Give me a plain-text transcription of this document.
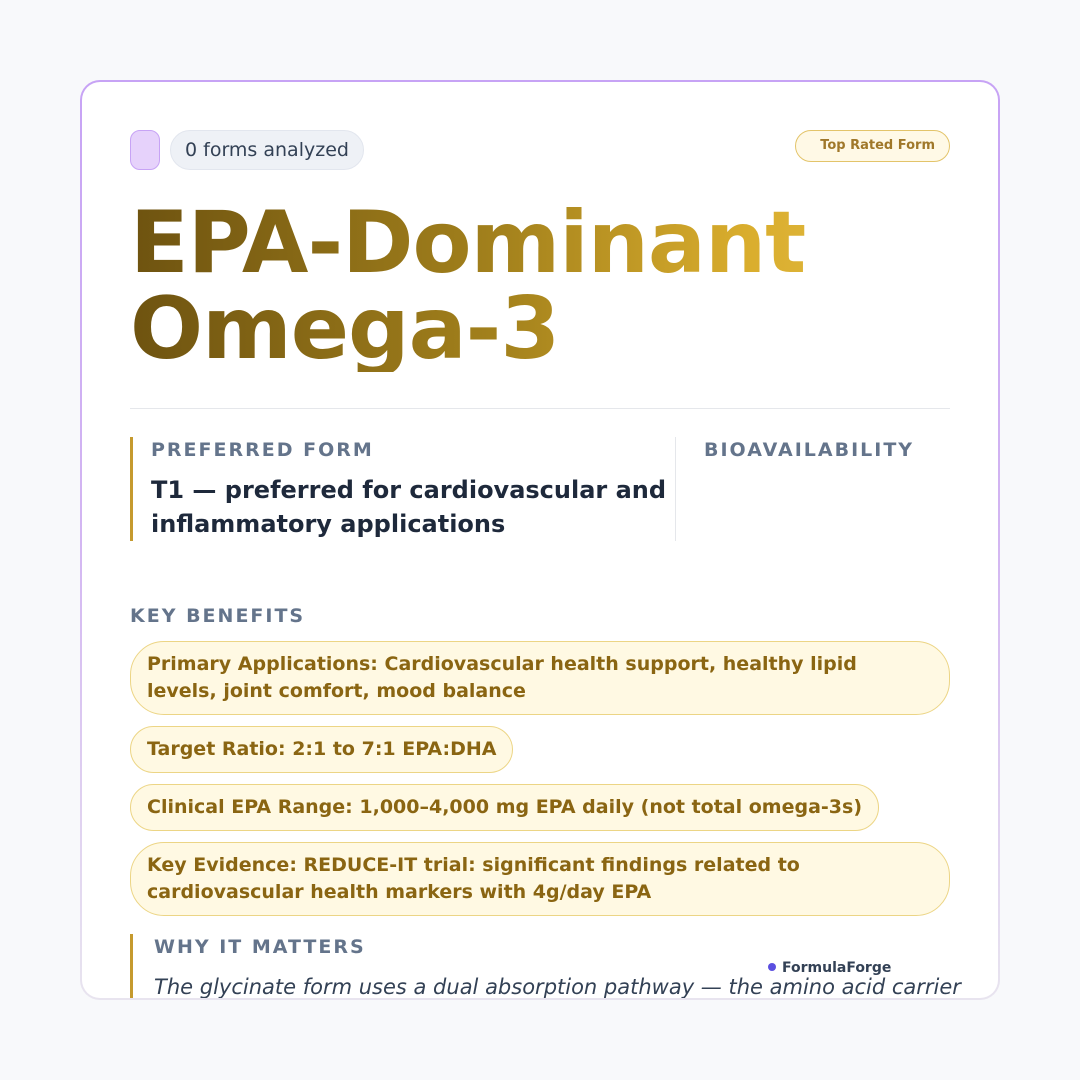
0 forms analyzed	Top Rated Form
EPA-Dominant
Omega-3
PREFERRED FORM
T1 — preferred for cardiovascular and inflammatory applications
BIOAVAILABILITY
KEY BENEFITS
Primary Applications: Cardiovascular health support, healthy lipid levels, joint comfort, mood balance
Target Ratio: 2:1 to 7:1 EPA:DHA
Clinical EPA Range: 1,000–4,000 mg EPA daily (not total omega-3s)
Key Evidence: REDUCE-IT trial: significant findings related to cardiovascular health markers with 4g/day EPA
WHY IT MATTERS
The glycinate form uses a dual absorption pathway — the amino acid carrier
FormulaForge
